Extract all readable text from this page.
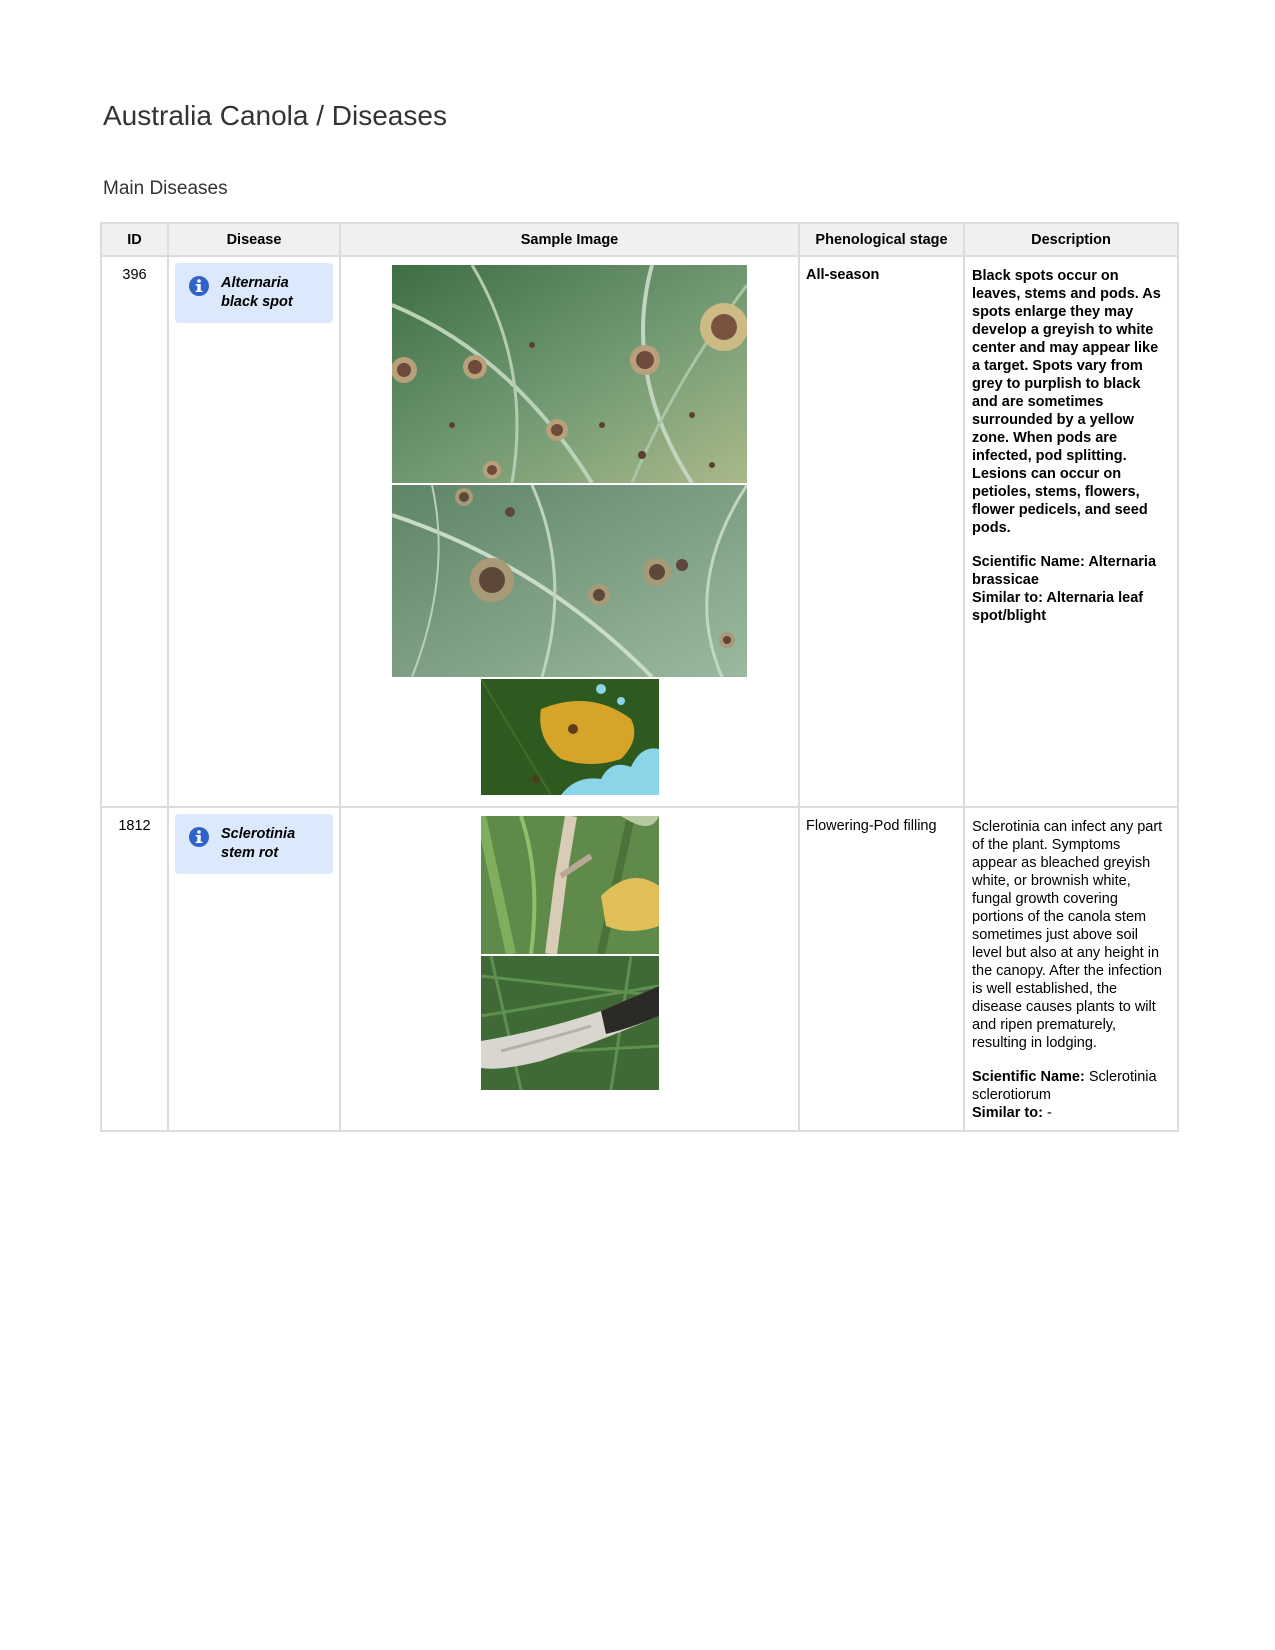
Australia Canola / Diseases
Main Diseases
ID	Disease	Sample Image	Phenological stage	Description
396	Alternaria black spot		All-season	Black spots occur on leaves, stems and pods. As spots enlarge they may develop a greyish to white center and may appear like a target. Spots vary from grey to purplish to black and are sometimes surrounded by a yellow zone. When pods are infected, pod splitting. Lesions can occur on petioles, stems, flowers, flower pedicels, and seed pods.

Scientific Name: Alternaria brassicae

Similar to: Alternaria leaf spot/blight

1812	Sclerotinia stem rot		Flowering-Pod filling	Sclerotinia can infect any part of the plant. Symptoms appear as bleached greyish white, or brownish white, fungal growth covering portions of the canola stem sometimes just above soil level but also at any height in the canopy. After the infection is well established, the disease causes plants to wilt and ripen prematurely, resulting in lodging.

Scientific Name: Sclerotinia sclerotiorum

Similar to: -
